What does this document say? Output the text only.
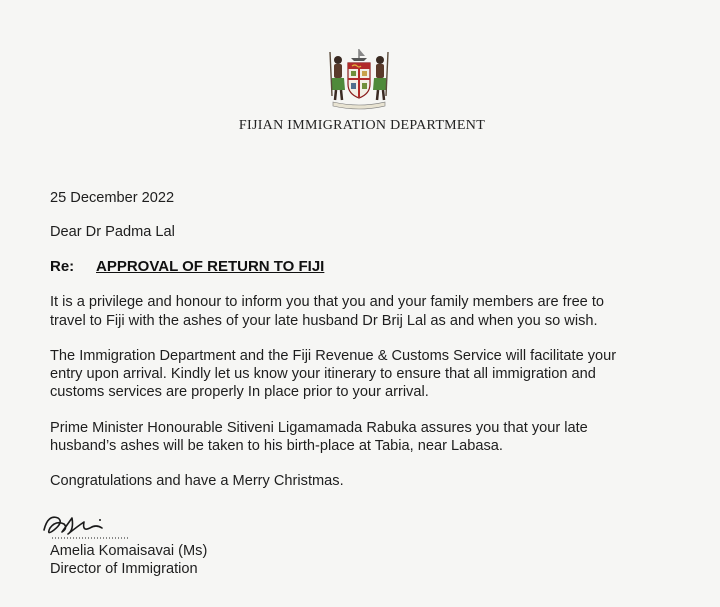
FIJIAN IMMIGRATION DEPARTMENT
25 December 2022
Dear Dr Padma Lal
Re: APPROVAL OF RETURN TO FIJI
It is a privilege and honour to inform you that you and your family members are free to
travel to Fiji with the ashes of your late husband Dr Brij Lal as and when you so wish.
The Immigration Department and the Fiji Revenue & Customs Service will facilitate your
entry upon arrival. Kindly let us know your itinerary to ensure that all immigration and
customs services are properly In place prior to your arrival.
Prime Minister Honourable Sitiveni Ligamamada Rabuka assures you that your late
husband’s ashes will be taken to his birth-place at Tabia, near Labasa.
Congratulations and have a Merry Christmas.
Amelia Komaisavai (Ms)
Director of Immigration
